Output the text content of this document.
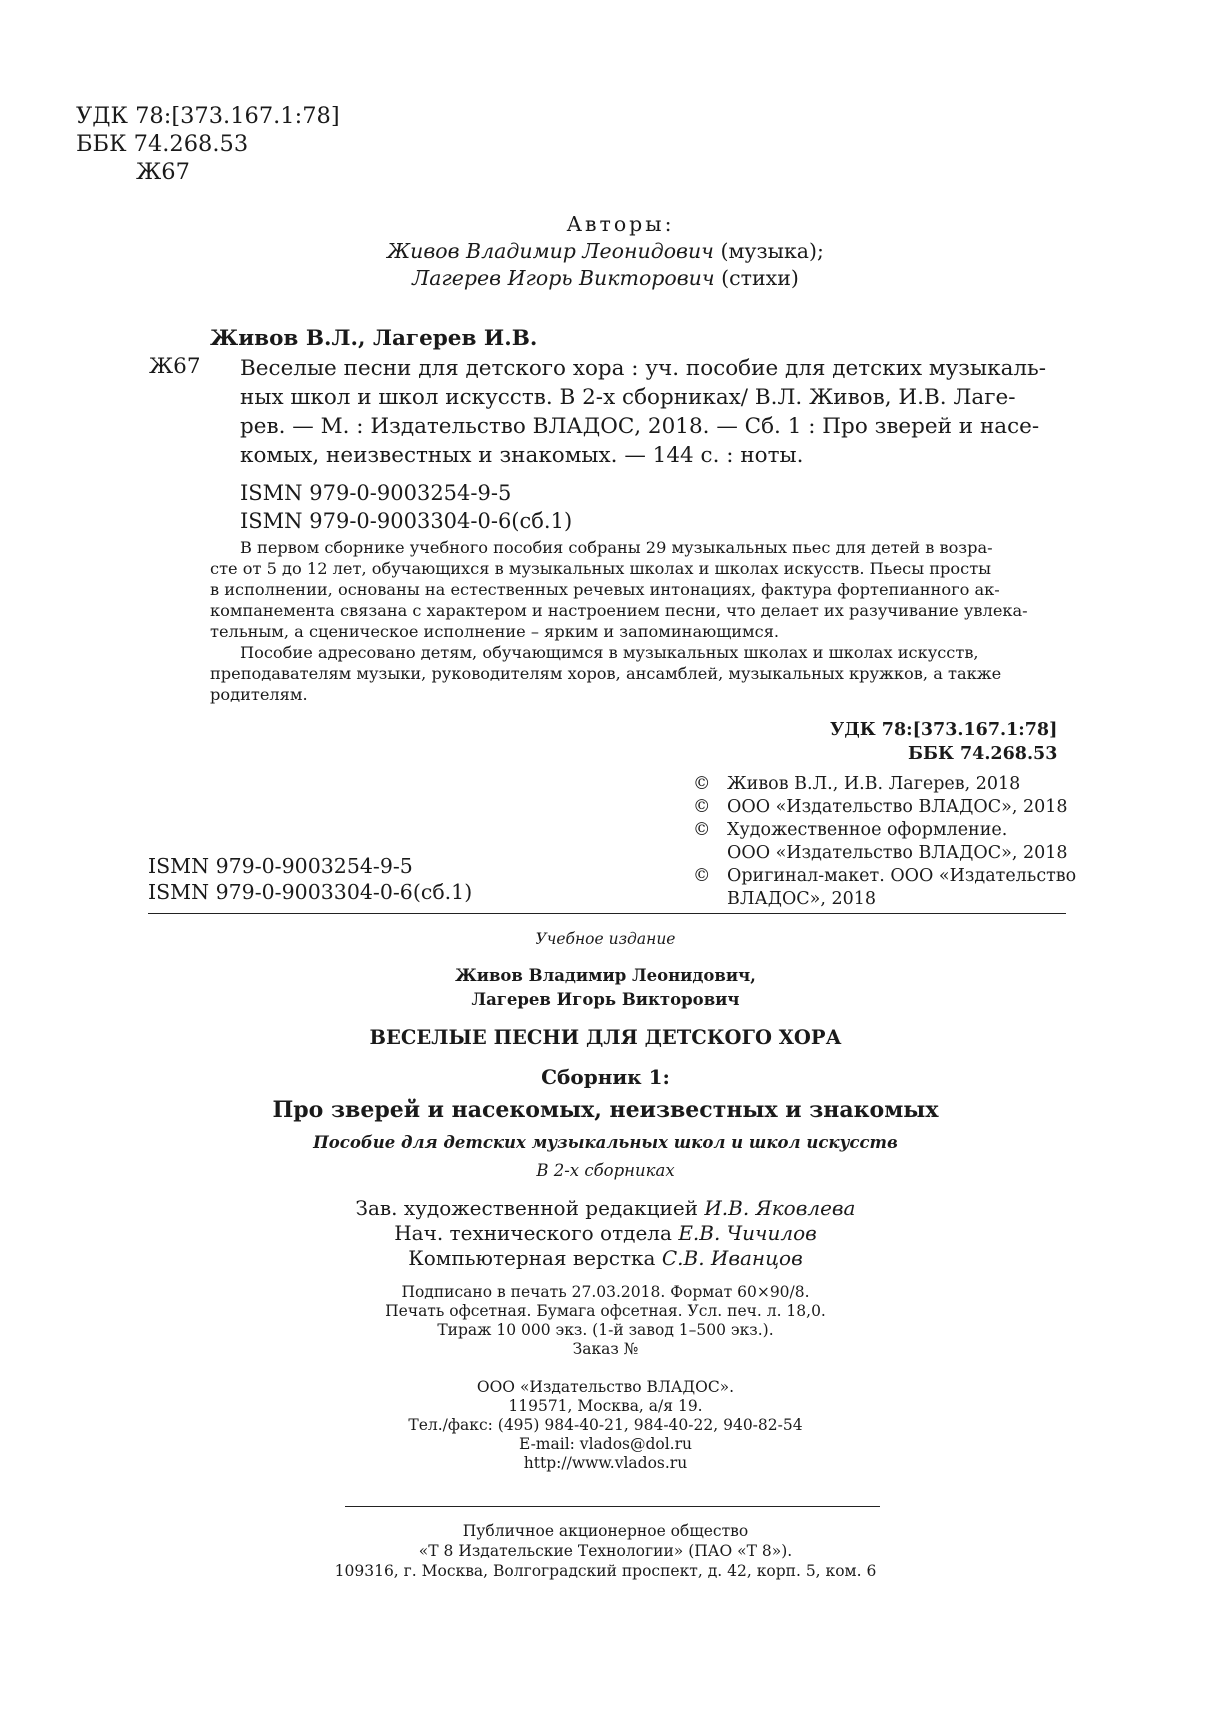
УДК 78:[373.167.1:78]
ББК 74.268.53
Ж67
Авторы:
Живов Владимир Леонидович (музыка);
Лагерев Игорь Викторович (стихи)
Живов В.Л., Лагерев И.В.
Ж67 Веселые песни для детского хора : уч. пособие для детских музыкаль-
ных школ и школ искусств. В 2-х сборниках/ В.Л. Живов, И.В. Лаге-
рев. — М. : Издательство ВЛАДОС, 2018. — Сб. 1 : Про зверей и насе-
комых, неизвестных и знакомых. — 144 с. : ноты.
ISMN 979-0-9003254-9-5
ISMN 979-0-9003304-0-6(сб.1)
В первом сборнике учебного пособия собраны 29 музыкальных пьес для детей в возра-
сте от 5 до 12 лет, обучающихся в музыкальных школах и школах искусств. Пьесы просты
в исполнении, основаны на естественных речевых интонациях, фактура фортепианного ак-
компанемента связана с характером и настроением песни, что делает их разучивание увлека-
тельным, а сценическое исполнение – ярким и запоминающимся.
Пособие адресовано детям, обучающимся в музыкальных школах и школах искусств,
преподавателям музыки, руководителям хоров, ансамблей, музыкальных кружков, а также
родителям.
УДК 78:[373.167.1:78]
ББК 74.268.53
© Живов В.Л., И.В. Лагерев, 2018
© ООО «Издательство ВЛАДОС», 2018
© Художественное оформление.
ООО «Издательство ВЛАДОС», 2018
© Оригинал-макет. ООО «Издательство
ВЛАДОС», 2018
ISMN 979-0-9003254-9-5
ISMN 979-0-9003304-0-6(сб.1)
Учебное издание
Живов Владимир Леонидович,
Лагерев Игорь Викторович
ВЕСЕЛЫЕ ПЕСНИ ДЛЯ ДЕТСКОГО ХОРА
Сборник 1:
Про зверей и насекомых, неизвестных и знакомых
Пособие для детских музыкальных школ и школ искусств
В 2-х сборниках
Зав. художественной редакцией И.В. Яковлева
Нач. технического отдела Е.В. Чичилов
Компьютерная верстка С.В. Иванцов
Подписано в печать 27.03.2018. Формат 60×90/8.
Печать офсетная. Бумага офсетная. Усл. печ. л. 18,0.
Тираж 10 000 экз. (1-й завод 1–500 экз.).
Заказ №
ООО «Издательство ВЛАДОС».
119571, Москва, а/я 19.
Тел./факс: (495) 984-40-21, 984-40-22, 940-82-54
E-mail: vlados@dol.ru
http://www.vlados.ru
Публичное акционерное общество
«Т 8 Издательские Технологии» (ПАО «Т 8»).
109316, г. Москва, Волгоградский проспект, д. 42, корп. 5, ком. 6
